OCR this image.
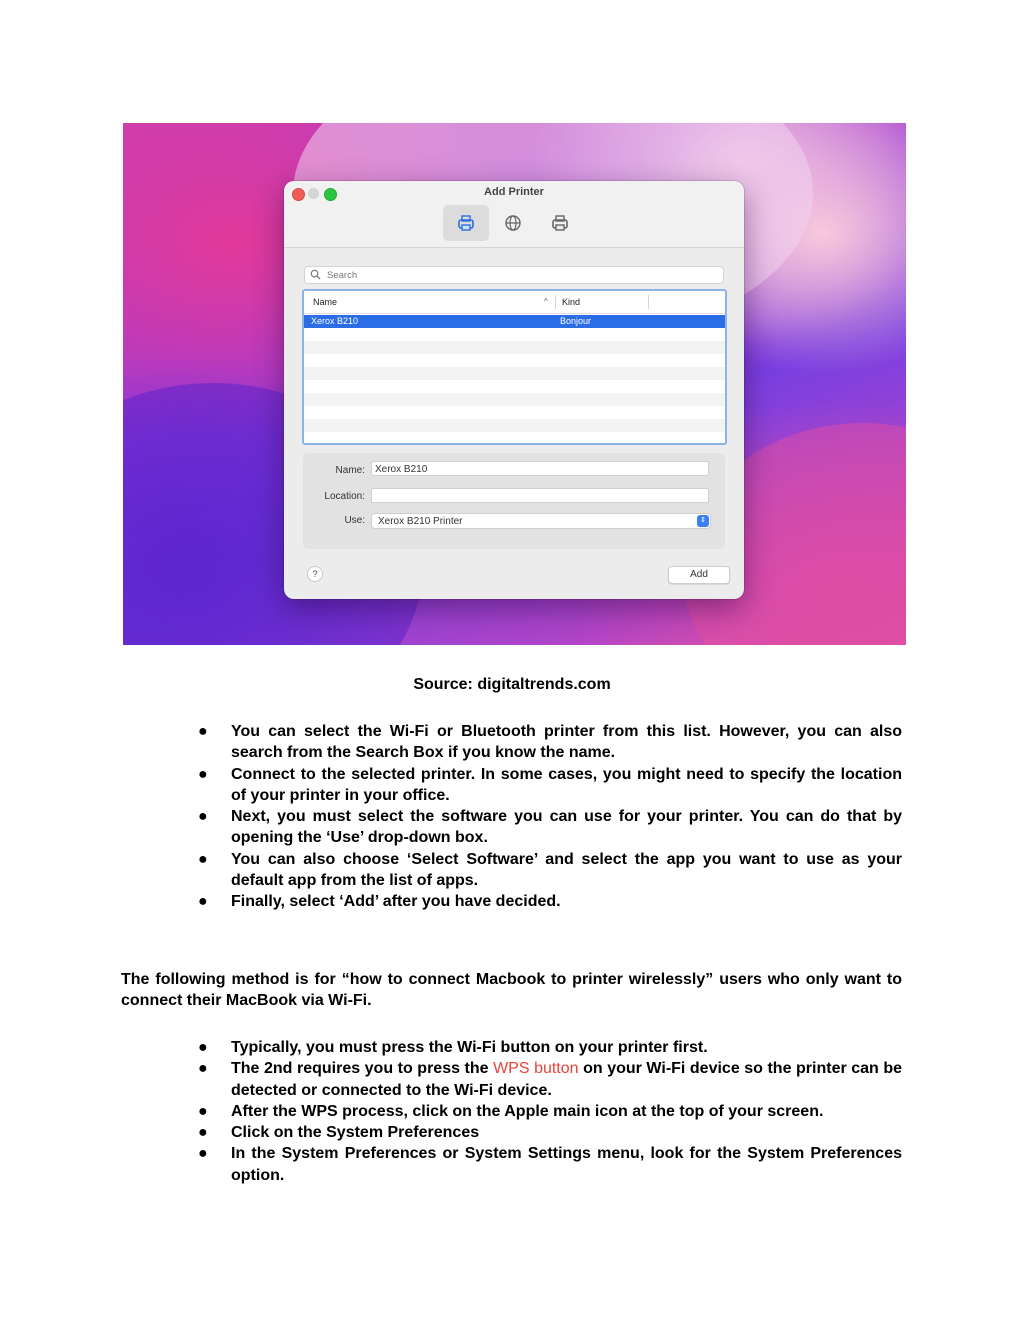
Add Printer
Search
Name	^ Kind
Xerox B210	Bonjour
Name:	Xerox B210
Location:
Use:	Xerox B210 Printer	⇕
?	Add
Source: digitaltrends.com
● You can select the Wi-Fi or Bluetooth printer from this list. However, you can also search from the Search Box if you know the name.
● Connect to the selected printer. In some cases, you might need to specify the location of your printer in your office.
● Next, you must select the software you can use for your printer. You can do that by opening the ‘Use’ drop-down box.
● You can also choose ‘Select Software’ and select the app you want to use as your default app from the list of apps.
● Finally, select ‘Add’ after you have decided.
The following method is for “how to connect Macbook to printer wirelessly” users who only want to connect their MacBook via Wi-Fi.
● Typically, you must press the Wi-Fi button on your printer first.
● The 2nd requires you to press the WPS button on your Wi-Fi device so the printer can be detected or connected to the Wi-Fi device.
● After the WPS process, click on the Apple main icon at the top of your screen.
● Click on the System Preferences
● In the System Preferences or System Settings menu, look for the System Preferences option.
